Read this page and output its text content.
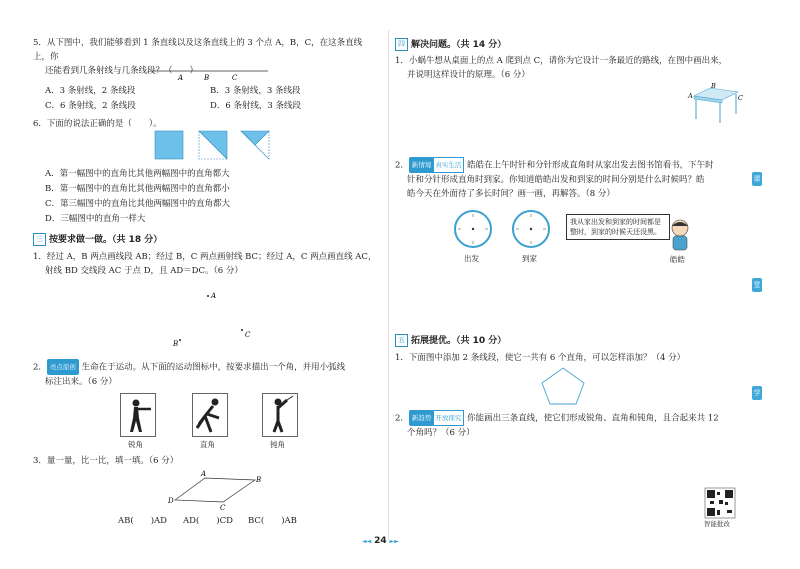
5．从下图中，我们能够看到 1 条直线以及这条直线上的 3 个点 A，B，C，在这条直线上，你
还能看到几条射线与几条线段？（　　）
A	B	C
A．3 条射线，2 条线段	B．3 条射线，3 条线段
C．6 条射线，2 条线段	D．6 条射线，3 条线段
6．下面的说法正确的是（　　）。
A．第一幅图中的直角比其他两幅图中的直角都大
B．第一幅图中的直角比其他两幅图中的直角都小
C．第三幅图中的直角比其他两幅图中的直角都大
D．三幅图中的直角一样大
三 按要求做一做。（共 18 分）
1．经过 A，B 两点画线段 AB；经过 B，C 两点画射线 BC；经过 A，C 两点画直线 AC，
射线 BD 交线段 AC 于点 D，且 AD＝DC。（6 分）
A
B
C
2． 亮点原创 生命在于运动。从下面的运动图标中，按要求描出一个角，并用小弧线
标注出来。（6 分）
锐角	直角	钝角
3．量一量，比一比，填一填。（6 分）
A
B
C
D
AB(　　)AD AD(　　)CD BC(　　)AB
四 解决问题。（共 14 分）
1．小蜗牛想从桌面上的点 A 爬到点 C，请你为它设计一条最近的路线，在图中画出来，
并说明这样设计的原理。（6 分）
A
B
C
2． 新情境 真实生活 皓皓在上午时针和分针形成直角时从家出发去图书馆看书，下午时
针和分针形成直角时到家。你知道皓皓出发和到家的时间分别是什么时候吗？皓
皓今天在外面待了多长时间？画一画，再解答。（8 分）
出发	到家
我从家出发和到家的时间都是整时，到家的时候天还没黑。
皓皓
五 拓展提优。（共 10 分）
1．下面图中添加 2 条线段，使它一共有 6 个直角，可以怎样添加？（4 分）
2． 新趋势 开放探究 你能画出三条直线，使它们形成锐角、直角和钝角，且合起来共 12
个角吗？（6 分）
智能批改
课
堂
学
◄◄ 24 ►►
